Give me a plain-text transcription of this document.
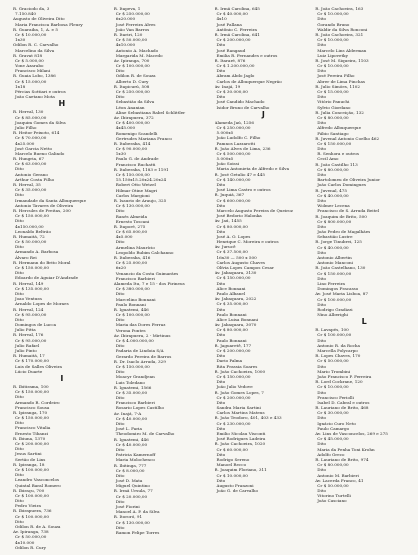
R. Graciodo da, 3
7.150.840
Augusto de Oliveira Dito
Maria Francisca Barbosa Fleury
R. Guaraiba, 1, A. e 5
Cr $ 10.000,00
1x30
Odilon R. C. Carvalho
Marcelino da Silva
R. Gravat 818
Cr $ 5.000,00
Yone Azarabo
Francisco Milani
R. Guaia Lobo, 1386
Cr $ 15.000,00
1x18
Pércias Sottiari e outros
João Caetano Mota
H
R. Herval, 130
Cr $ 85.000,00
Joaquim Gomes da Silva
Julio Filho
R. Heitor Peixoto, 614
Cr $ 70.000,00
4x25.000
José Garcia Netto
Marcelo Bueno Galindo
R. Hungria, 67
Cr $ 63.000,00
Dito
Antonio Gerano
Arthur Costa Filho
R. Herval, 35
Cr $ 35.000,00
Dito
Irmandade da Santa Albuquerque
Antonio Tavares de Oliveira
R. Hercules de Freitas, 200
Cr $ 150.000,00
Dito
4x150.000,00
Leonaldo Beltrão
R. Humaitá, 72
Cr $ 50.000,00
Dito
Armando A. Barbosa
Álvaro Rei
R. Hermann do Brito Moral
Cr $ 150.000,00
Dito
Edoardo de Aguiar D'Andrade
R. Herval, 149
Cr $ 135.000,00
Dito
Joao Ventura
Arnaldo Lopes de Moraes
R. Herval, 124
Cr $ 95.000,00
Dito
Domingos de Lucca
Julio Pitta
R. Herval, 176
Cr $ 95.000,00
Julio Rafael
Julio Pinto
R. Humaitá, 17
Cr $ 170.000,00
Luis de Salles Oliveira
Lúcio Duarte
I
R. Ibitirama, 100
Cr $ 150.000,00
Dito
Armando R. Cordeiro
Francisco Sousa
R. Ipiranga, 170
Cr $ 150.000,00
Dito
Francisco Vitalia
Ernesto Tibanzi
R. Ibiuna, 1370
Cr $ 200.000,00
Dito
Jesus Sartini
Sertão de Lins
R. Ipiranga, 18
Cr $ 100.000,00
Dito
Leandro Vasconcelos
Quintal Baral Romero
R. Ibiraçu, 700
Cr $ 100.000,00
Dito
Pedro Vieira
R. Ibirapuera, 736
Cr $ 100.000,00
Dito
Odilon R. de A. Souza
Av. Ipiranga, 738
Cr $ 50.000,00
4x10.000
Odilon R. Cury
R. Itapeva, 1
Cr $ 250.000,00
6x20.000
José Ferreira Alves
João Van Barros
R. Itariri, 120
Cr $ 50.000,00
4x10.000
Antonio A. Machado
Margarida M. Macedo
Av. Ipiranga, 700
Cr $ 100.000,00
Dito
Odilon R. de Souza
Alberto D. Cury
R. Itapicurú, 508
Cr $ 250.000,00
Dito
Sebastião da Silva
Léon Ananian
Aline Sebastiana Rabel Schlittler
Av. Ibirapuera, 372
Cr $ 400.000,00
4x45.000
Romenigo Scandelli
Gertrudes Mariana Franco
R. Itaberaba, 414
Cr $ 90.000,00
1x30
Paulo G. de Andrade
Francisco Ruchatti
R. Itaberaba, 1183 e 1191
Cr $ 150.000,00
15.150x15.20x24.20x24
Robert Otto Wetzel
Hilmar Otine Magri
Carlos Margioni
R. Isaurio de Araujo, 325
Cr $ 130.000,00
Dito
Ranés Almeida
Ernesto Toscani
R. Itaporé, 275
Cr $ 65.000,00
4x5.000
Dito
Armelina Maurício
Leopoldo Rubim Calchanno
R. Itaberaba, 416
Cr $ 25.000,00
6x20
Venancio da Costa Guimarães
Francisco Barbieri
Alameda Itu, 7 e 15 - dos Pirineus
Cr $ 380.000,00
Dito
Marcelino Bonnani
Paulo Bonnani
R. Iguatemi, 446
Cr $ 100.000,00
Dito
Maria das Dores Ferraz
Verona Pontes
Av. Ibirapuera, 2 - Mirtinus
Cr $ 4.000.000,00
Dito
Padaria de Lindoia S/A
Gerardo Pereira de Barros
R. Dr. Isaclo Arruda, 329
Cr $ 150.000,00
Dito
Moacyr Grandjean
Luis Toledano
R. Iguatemi, 1566
Cr $ 35.000,00
Dito
Francisco Barbieri
Rosario Lopes Castilho
Av. Inajá, 7-A
Cr $ 40.000,00
Dito
José L. Faria
Theodomiro M. de Carvalho
R. Iguatemi, 446
Cr $ 40.000,00
Dito
Patricia Kamernoff
Maria Molochenco
R. Ibitinga, 777
Cr $ 8.000,00
Dito
José D. Mata
Miguel Quintino
R. Irmã Ursula, 77
Cr $ 20.000,00
Dito
José Fiorini
Manoel A. P. da Silva
R. Itororó, 91
Cr $ 130.000,00
Dito
Ramon Felipe Torres
R. Irmã Carolina, 645
Cr $ 40.000,00
4x10
José Pallana
Antônio C. Ferreira
R. Irmã Carolina, 641
Cr $ 200.000,00
Dito
José Rangaud
Emilia R. Fernandes e outros
R. Itararé, 876
Cr $ 1.200.000,00
Dito
Abram Abdo Jaglo
Carlos de Albuquerque Negrão
Av. Inajá, 19
Cr $ 30.000,00
Dito
José Candido Machado
Isidor Bruno de Carvalho
J
Alameda Jaú, 1256
Cr $ 250.000,00
5.000x5
João Ludolfo C. Filho
Pamnos Lazzarotti
R. João Alves de Lima, 236
Cr $ 500.000,00
5.000x5
João Soissi
Maria Antonieta de Alfredo e Silva
R. José Getulio 47 e 445
Cr $ 140.000,00
Dito
José Lima Castro e outros
R. Juquiá, 367
Cr $ 600.000,00
Dito
Marcelo Augusto Pereira de Queiroz
José Bedorio Halonka
Av. Jaú, 1455
Cr $ 80.000,00
Dito
José A. O. Lopes
Henrique C. Moreira e outros
Av. Jurucê
Cr $ 37.500,00
16x30 — 500 x 500
Carlos Augusto Chaves
Olívia Lopes Campos Cesar
Av. Jabaquara, 3130
Cr $ 150.000,00
Dito
Alice Bonnani
Paulo Albanel
Av. Jabaquara, 2022
Cr $ 35.000,00
Dito
Paulo Bonnani
Alice Luisa Bonnani
Av. Jabaquara, 3070
Cr $ 80.000,00
Dito
Paulo Bonnani
R. Jaguaretê, 177
Cr $ 200.000,00
Dito
Dario Palma
Rita Frassia Soares
R. João Cachoeira, 1000
Cr $ 150.000,00
Dito
João Julio Vedove
R. João Gomes Lopes, 7
Cr $ 200.000,00
Dito
Sandra Maria Sartini
Carlos Martins Mateus
R. João Teodoro, 401, 403 e 433
Cr $ 230.000,00
Dito
Emilio Nicolau Visconti
José Rodrigues Ladeira
R. João Cachoeira, 1020
Cr $ 60.000,00
Dito
Rodrigo Sereno
Manoel Recco
R. Joaquim Floriano, 311
Cr $ 10.000,00
Dito
Augusto Franzoni
João G. de Carvalho
R. João Cachoeira, 163
Cr $ 10.000,00
Dito
Gorando Bruno
Waldir da Silva Ronconi
R. João Cachoeira, 321
Cr $ 10.000,00
Dito
Marcelo Lins Alderman
Luiz Lipovetky
R. José M. Siqueira, 1103
Cr $ 10.000,00
Dito
José Pereira Filho
Abrer de Lima Pinchas
R. Julio Simões, 1102
Cr $ 15.000,00
Dito
Vitório Panuchi
Sylvio Giordano
R. Julia Conceição, 132
Cr $ 80.000,00
Dito
Alfredo Albuquerque
Fábio Santiago
R. Juvenal Antonio Coelho 462
Cr $ 150.000,00
Dito
R. Senhora e outros
Cecil Amo
R. João Castilho 113
Cr $ 80.000,00
Dito
Bartolomeu de Oliveira Junior
João Carlos Domingues
R. Juvenal, 475
Cr $ 40.000,00
Dito
Wolmer Lecena
Francisco de S. Arruda Beitel
R. Joaquim de Brito, 500
Cr $ 800.000,00
Dito
João Pedro de Magalhães
Sebastião Lustre
R. Jorge Tinubrei, 125
Cr $ 40.000,00
Dito
Antonio Albertin
Antonio Manconi
R. João Castelhano, 130
Cr $ 150.000,00
Dito
Lino Ferreira
Domingos Fracasso
Av. José Maria Lisboa, 87
Cr $ 100.000,00
Dito
Rodrigo Gradizzi
Nino Alberighi
L
R. Lavapés, 100
Cr $ 100.000,00
Dito
Antonio R. da Rocha
Marcella Polycarpo
R. Lopes Chaves, 170
Cr $ 50.000,00
Dito
Mario Trombini
João Francisco P. Ferreira
R. Lord Cockrane, 120
Cr $ 10.000,00
Dito
Francisco Feriolli
Isabel D. Cabral e outros
R. Lauriano de Brito, 468
Cr $ 30.000,00
Dito
Ignácio Curo Neto
Paulo Camargo
Av. Lins de Vasconcelos, 269 e 275
Cr $ 45.000,00
Dito
Maria da Penha Toni Krohn
Adolfo Greco
R. Lauriano de Brito, 974
Cr $ 80.000,00
Dito
Antonio M. Barbieri
Av. Lacerda Franco, 41
Cr $ 50.000,00
Dito
Vitorino Turtelli
João Casciano
